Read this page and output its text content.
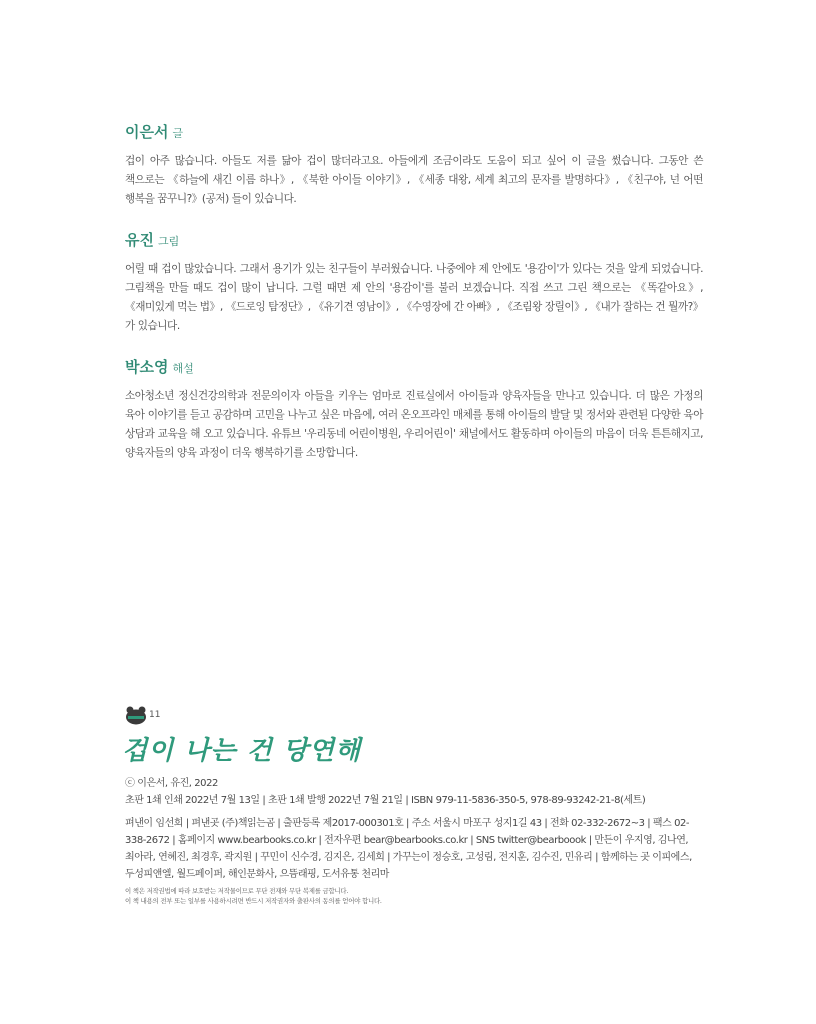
이은서 글

겁이 아주 많습니다. 아들도 저를 닮아 겁이 많더라고요. 아들에게 조금이라도 도움이 되고 싶어 이 글을 썼습니다. 그동안 쓴 책으로는 《하늘에 새긴 이름 하나》, 《북한 아이들 이야기》, 《세종 대왕, 세계 최고의 문자를 발명하다》, 《친구야, 넌 어떤 행복을 꿈꾸니?》(공저) 들이 있습니다.

유진 그림

어릴 때 겁이 많았습니다. 그래서 용기가 있는 친구들이 부러웠습니다. 나중에야 제 안에도 '용감이'가 있다는 것을 알게 되었습니다. 그림책을 만들 때도 겁이 많이 납니다. 그럴 때면 제 안의 '용감이'를 불러 보겠습니다. 직접 쓰고 그린 책으로는 《똑같아요》, 《재미있게 먹는 법》, 《드로잉 탐정단》, 《유기견 영남이》, 《수영장에 간 아빠》, 《조림왕 장릴이》, 《내가 잘하는 건 뭘까?》가 있습니다.

박소영 해설

소아청소년 정신건강의학과 전문의이자 아들을 키우는 엄마로 진료실에서 아이들과 양육자들을 만나고 있습니다. 더 많은 가정의 육아 이야기를 듣고 공감하며 고민을 나누고 싶은 마음에, 여러 온오프라인 매체를 통해 아이들의 발달 및 정서와 관련된 다양한 육아 상담과 교육을 해 오고 있습니다. 유튜브 '우리동네 어린이병원, 우리어린이' 채널에서도 활동하며 아이들의 마음이 더욱 튼튼해지고, 양육자들의 양육 과정이 더욱 행복하기를 소망합니다.

11
겁이 나는 건 당연해
ⓒ 이은서, 유진, 2022
초판 1쇄 인쇄 2022년 7월 13일 | 초판 1쇄 발행 2022년 7월 21일 | ISBN 979-11-5836-350-5, 978-89-93242-21-8(세트)
펴낸이 임선희 | 펴낸곳 (주)책읽는곰 | 출판등록 제2017-000301호 | 주소 서울시 마포구 성지1길 43 | 전화 02-332-2672~3 | 팩스 02-338-2672 | 홈페이지 www.bearbooks.co.kr | 전자우편 bear@bearbooks.co.kr | SNS twitter@bearboook | 만든이 우지영, 김나연, 최아라, 연혜진, 최경후, 곽지원 | 꾸민이 신수경, 김지은, 김세희 | 가꾸는이 정승호, 고성림, 전지훈, 김수진, 민유리 | 함께하는 곳 이피에스, 두성피앤엘, 월드페이퍼, 해인문화사, 으뜸래핑, 도서유통 천리마
이 책은 저작권법에 따라 보호받는 저작물이므로 무단 전재와 무단 복제를 금합니다.
이 책 내용의 전부 또는 일부를 사용하시려면 반드시 저작권자와 출판사의 동의를 얻어야 합니다.
